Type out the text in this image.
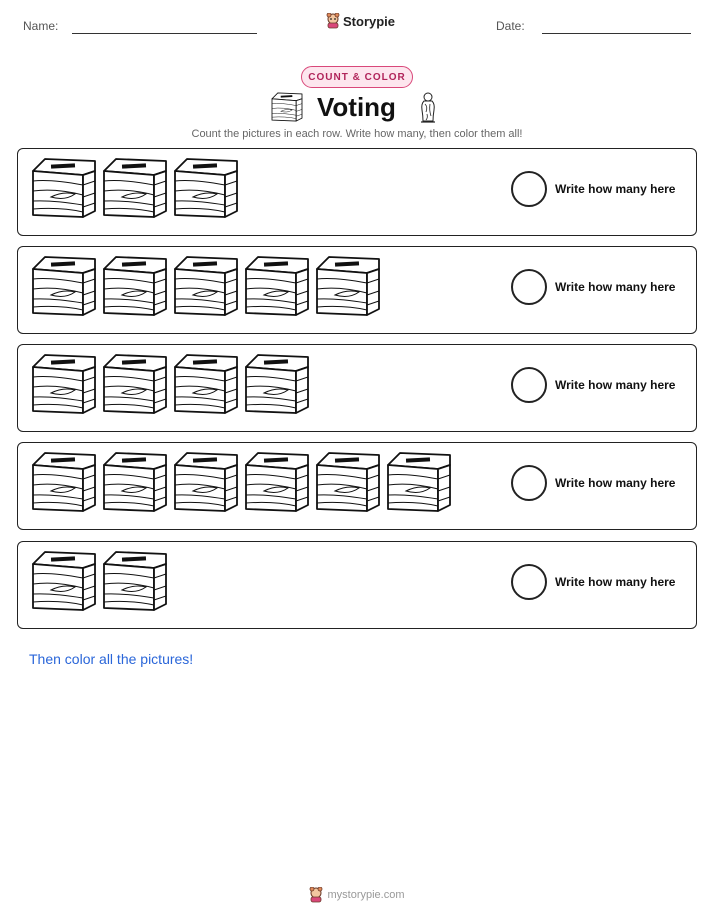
Name:	Storypie	Date:
COUNT & COLOR
Voting
Count the pictures in each row. Write how many, then color them all!
Write how many here
Write how many here
Write how many here
Write how many here
Write how many here
Then color all the pictures!
mystorypie.com
